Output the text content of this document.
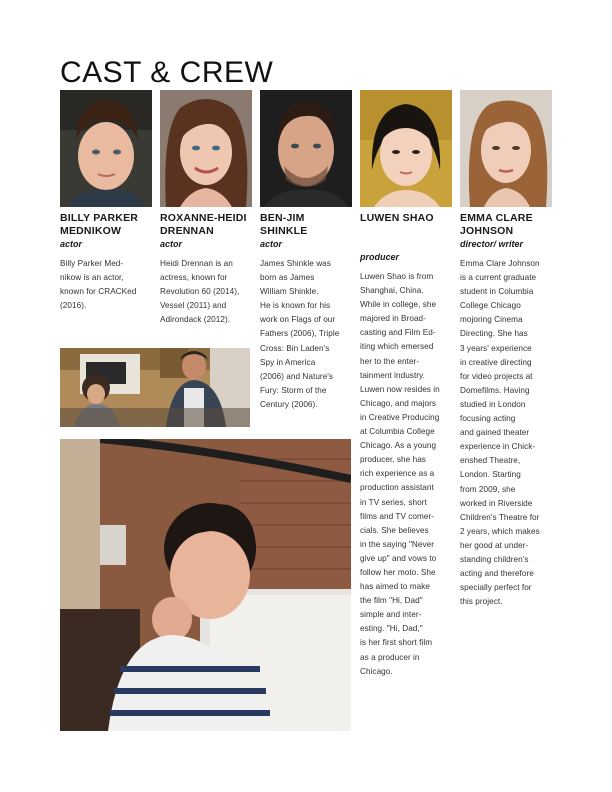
CAST & CREW
BILLY PARKER
MEDNIKOW
actor
Billy Parker Med-
nikow is an actor,
known for CRACKed
(2016).
ROXANNE-HEIDI
DRENNAN
actor
Heidi Drennan is an
actress, known for
Revolution 60 (2014),
Vessel (2011) and
Adirondack (2012).
BEN-JIM
SHINKLE
actor
James Shinkle was
born as James
William Shinkle.
He is known for his
work on Flags of our
Fathers (2006), Triple
Cross: Bin Laden's
Spy in America
(2006) and Nature's
Fury: Storm of the
Century (2006).
LUWEN SHAO
producer
Luwen Shao is from
Shanghai, China.
While in college, she
majored in Broad-
casting and Film Ed-
iting which emersed
her to the enter-
tainment industry.
Luwen now resides in
Chicago, and majors
in Creative Producing
at Columbia College
Chicago. As a young
producer, she has
rich experience as a
production assistant
in TV series, short
films and TV comer-
cials. She believes
in the saying "Never
give up" and vows to
follow her moto. She
has aimed to make
the film "Hi, Dad"
simple and inter-
esting. "Hi, Dad,"
is her first short film
as a producer in
Chicago.
EMMA CLARE
JOHNSON
director/ writer
Emma Clare Johnson
is a current graduate
student in Columbia
College Chicago
mojoring Cinema
Directing. She has
3 years' experience
in creative directing
for video projects at
Domefilms. Having
studied in London
focusing acting
and gained theater
experience in Chick-
enshed Theatre,
London. Starting
from 2009, she
worked in Riverside
Children's Theatre for
2 years, which makes
her good at under-
standing children's
acting and therefore
specially perfect for
this project.
